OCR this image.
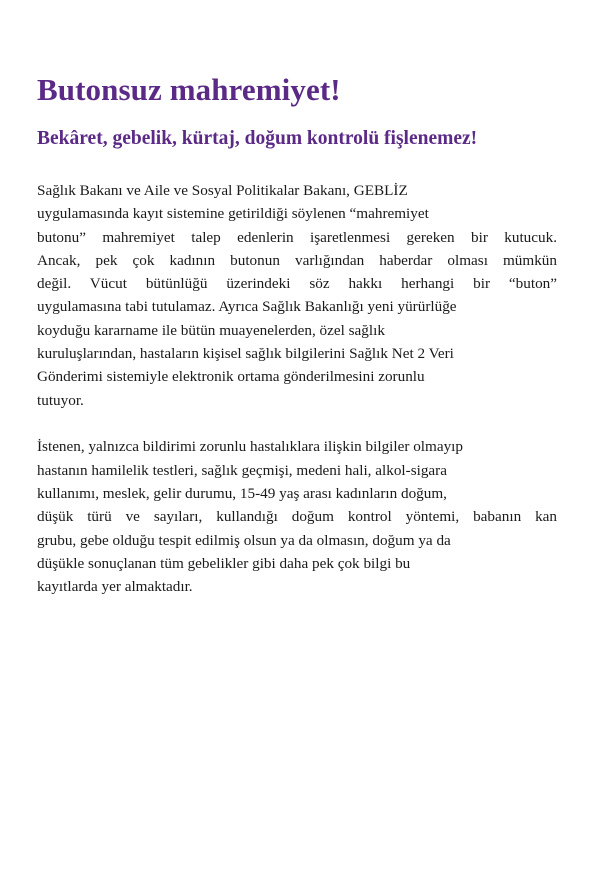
Butonsuz mahremiyet!
Bekâret, gebelik, kürtaj, doğum kontrolü fişlenemez!

Sağlık Bakanı ve Aile ve Sosyal Politikalar Bakanı, GEBLİZ
uygulamasında kayıt sistemine getirildiği söylenen “mahremiyet
butonu” mahremiyet talep edenlerin işaretlenmesi gereken bir kutucuk.
Ancak, pek çok kadının butonun varlığından haberdar olması mümkün
değil. Vücut bütünlüğü üzerindeki söz hakkı herhangi bir “buton”
uygulamasına tabi tutulamaz. Ayrıca Sağlık Bakanlığı yeni yürürlüğe
koyduğu kararname ile bütün muayenelerden, özel sağlık
kuruluşlarından, hastaların kişisel sağlık bilgilerini Sağlık Net 2 Veri
Gönderimi sistemiyle elektronik ortama gönderilmesini zorunlu
tutuyor.

İstenen, yalnızca bildirimi zorunlu hastalıklara ilişkin bilgiler olmayıp
hastanın hamilelik testleri, sağlık geçmişi, medeni hali, alkol-sigara
kullanımı, meslek, gelir durumu, 15-49 yaş arası kadınların doğum,
düşük türü ve sayıları, kullandığı doğum kontrol yöntemi, babanın kan
grubu, gebe olduğu tespit edilmiş olsun ya da olmasın, doğum ya da
düşükle sonuçlanan tüm gebelikler gibi daha pek çok bilgi bu
kayıtlarda yer almaktadır.
